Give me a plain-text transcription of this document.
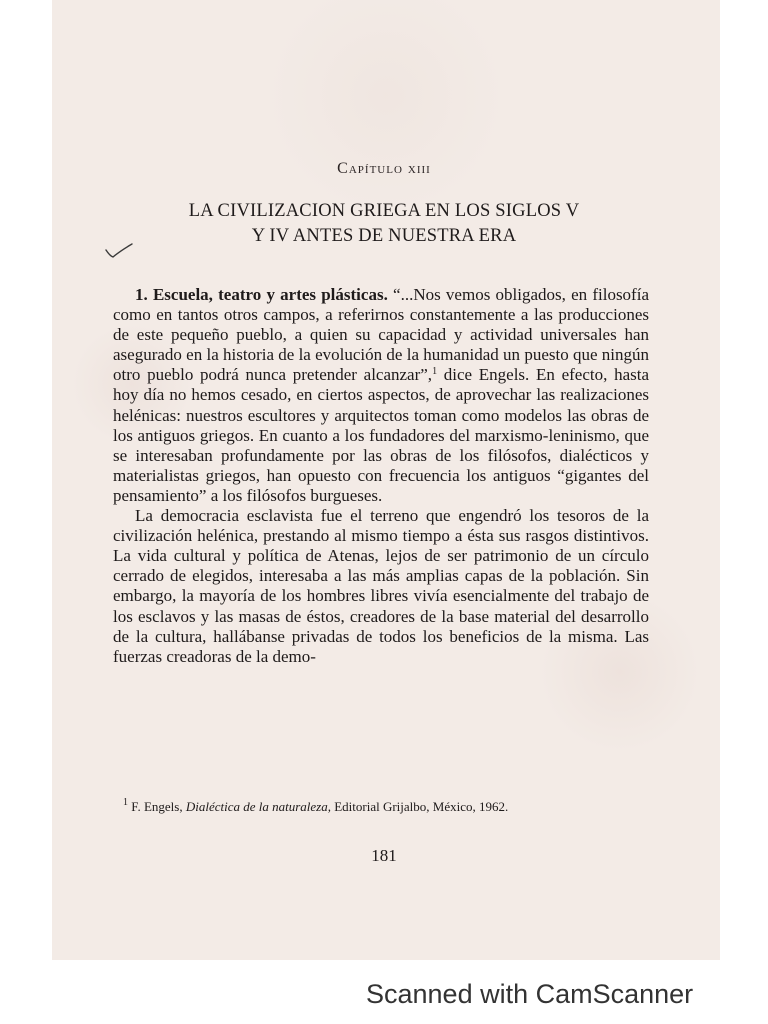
Capítulo xiii
LA CIVILIZACION GRIEGA EN LOS SIGLOS V
Y IV ANTES DE NUESTRA ERA

1. Escuela, teatro y artes plásticas. “...Nos vemos obligados, en filosofía como en tantos otros campos, a referirnos constantemente a las producciones de este pequeño pueblo, a quien su capacidad y actividad universales han asegurado en la historia de la evolución de la humanidad un puesto que ningún otro pueblo podrá nunca pretender alcanzar”,$^1$ dice Engels. En efecto, hasta hoy día no hemos cesado, en ciertos aspectos, de aprovechar las realizaciones helénicas: nuestros escultores y arquitectos toman como modelos las obras de los antiguos griegos. En cuanto a los fundadores del marxismo-leninismo, que se interesaban profundamente por las obras de los filósofos, dialécticos y materialistas griegos, han opuesto con frecuencia los antiguos “gigantes del pensamiento” a los filósofos burgueses.

La democracia esclavista fue el terreno que engendró los tesoros de la civilización helénica, prestando al mismo tiempo a ésta sus rasgos distintivos. La vida cultural y política de Atenas, lejos de ser patrimonio de un círculo cerrado de elegidos, interesaba a las más amplias capas de la población. Sin embargo, la mayoría de los hombres libres vivía esencialmente del trabajo de los esclavos y las masas de éstos, creadores de la base material del desarrollo de la cultura, hallábanse privadas de todos los beneficios de la misma. Las fuerzas creadoras de la demo-

$^1$ F. Engels, Dialéctica de la naturaleza, Editorial Grijalbo, México, 1962.
181
Scanned with CamScanner
